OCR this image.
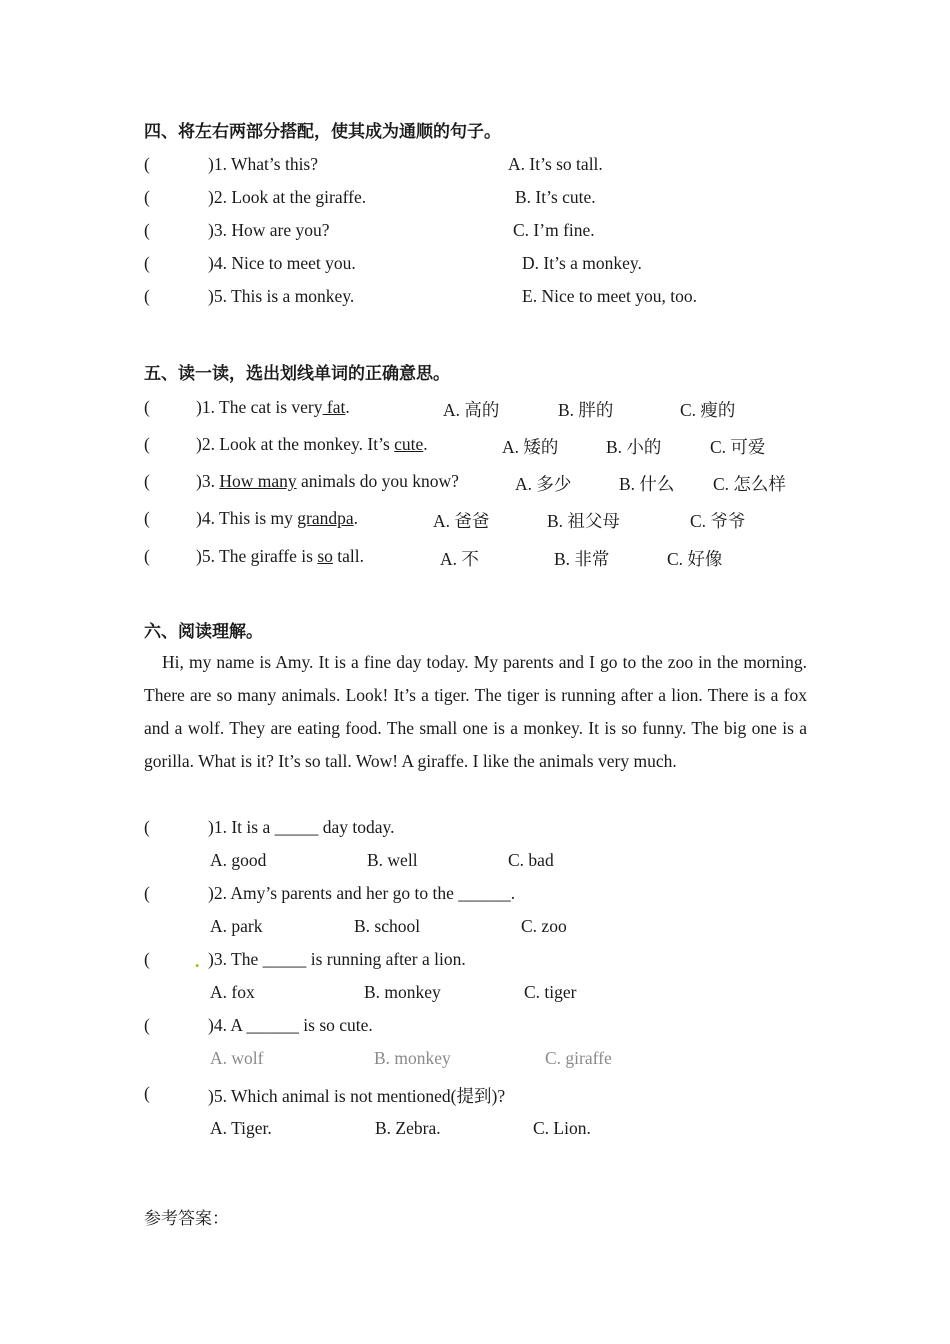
四、将左右两部分搭配，使其成为通顺的句子。
(	)1. What’s this?	A. It’s so tall.
(	)2. Look at the giraffe.	B. It’s cute.
(	)3. How are you?	C. I’m fine.
(	)4. Nice to meet you.	D. It’s a monkey.
(	)5. This is a monkey.	E. Nice to meet you, too.
五、读一读，选出划线单词的正确意思。
(	)1. The cat is very fat.	A. 高的	B. 胖的	C. 瘦的
(	)2. Look at the monkey. It’s cute.	A. 矮的	B. 小的	C. 可爱
(	)3. How many animals do you know?	A. 多少	B. 什么 C. 怎么样
(	)4. This is my grandpa.	A. 爸爸	B. 祖父母	C. 爷爷
(	)5. The giraffe is so tall.	A. 不	B. 非常	C. 好像
六、阅读理解。
Hi, my name is Amy. It is a fine day today. My parents and I go to the zoo in the morning. There are so many animals. Look! It’s a tiger. The tiger is running after a lion. There is a fox and a wolf. They are eating food. The small one is a monkey. It is so funny. The big one is a gorilla. What is it? It’s so tall. Wow! A giraffe. I like the animals very much.
(	)1. It is a _____ day today.
A. good	B. well	C. bad
(	)2. Amy’s parents and her go to the ______.
A. park	B. school	C. zoo
(	. )3. The _____ is running after a lion.
A. fox	B. monkey	C. tiger
(	)4. A ______ is so cute.
A. wolf	B. monkey	C. giraffe
(	)5. Which animal is not mentioned(提到)?
A. Tiger.	B. Zebra.	C. Lion.
参考答案：
